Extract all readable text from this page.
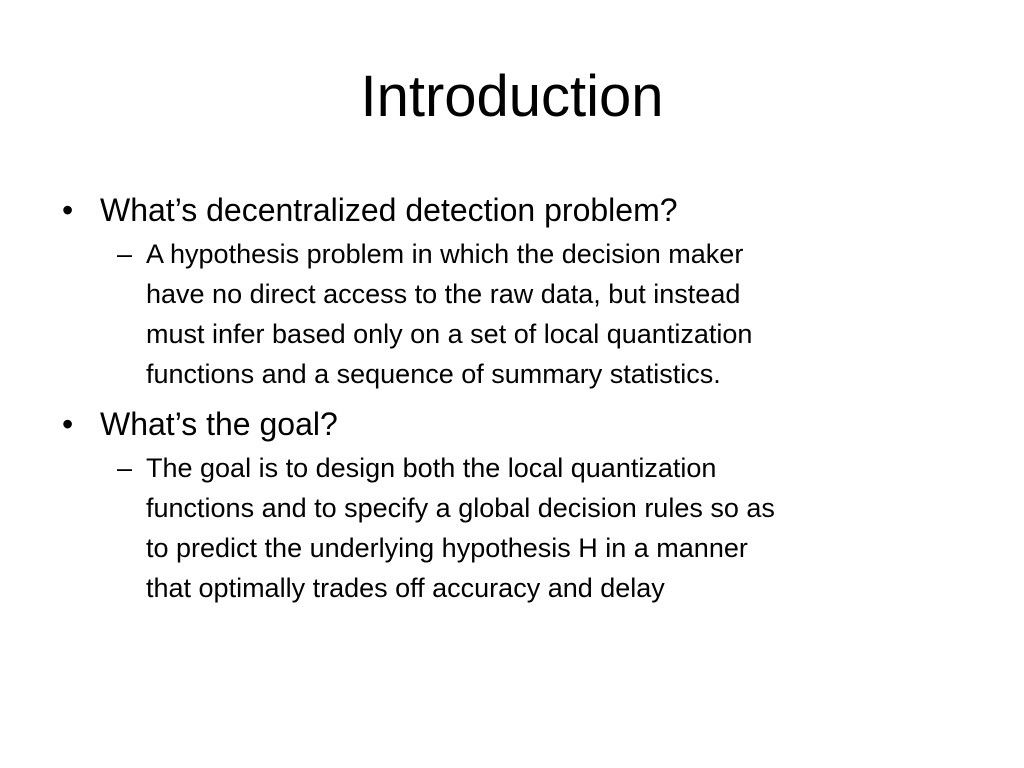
Introduction
• What’s decentralized detection problem?
– A hypothesis problem in which the decision maker
have no direct access to the raw data, but instead
must infer based only on a set of local quantization
functions and a sequence of summary statistics.
• What’s the goal?
– The goal is to design both the local quantization
functions and to specify a global decision rules so as
to predict the underlying hypothesis H in a manner
that optimally trades off accuracy and delay
